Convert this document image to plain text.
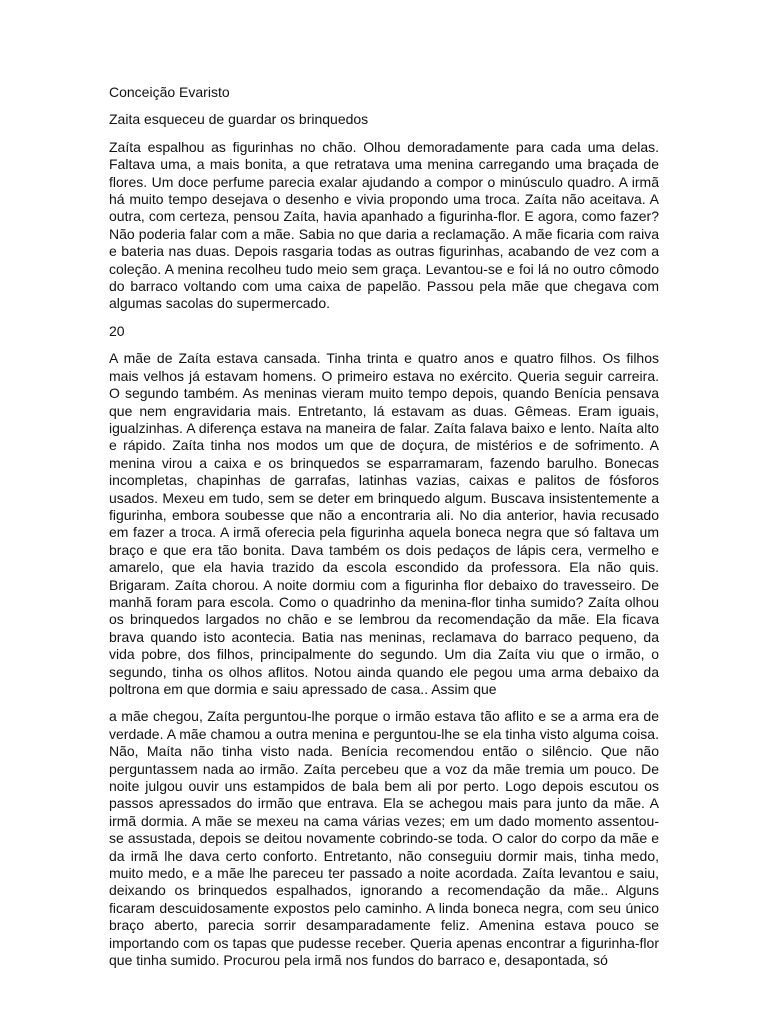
Conceição Evaristo

Zaita esqueceu de guardar os brinquedos

Zaíta espalhou as figurinhas no chão. Olhou demoradamente para cada uma delas. Faltava uma, a mais bonita, a que retratava uma menina carregando uma braçada de flores. Um doce perfume parecia exalar ajudando a compor o minúsculo quadro. A irmã há muito tempo desejava o desenho e vivia propondo uma troca. Zaíta não aceitava. A outra, com certeza, pensou Zaíta, havia apanhado a figurinha-flor. E agora, como fazer? Não poderia falar com a mãe. Sabia no que daria a reclamação. A mãe ficaria com raiva e bateria nas duas. Depois rasgaria todas as outras figurinhas, acabando de vez com a coleção. A menina recolheu tudo meio sem graça. Levantou-se e foi lá no outro cômodo do barraco voltando com uma caixa de papelão. Passou pela mãe que chegava com algumas sacolas do supermercado.

20

A mãe de Zaíta estava cansada. Tinha trinta e quatro anos e quatro filhos. Os filhos mais velhos já estavam homens. O primeiro estava no exército. Queria seguir carreira. O segundo também. As meninas vieram muito tempo depois, quando Benícia pensava que nem engravidaria mais. Entretanto, lá estavam as duas. Gêmeas. Eram iguais, igualzinhas. A diferença estava na maneira de falar. Zaíta falava baixo e lento. Naíta alto e rápido. Zaíta tinha nos modos um que de doçura, de mistérios e de sofrimento. A menina virou a caixa e os brinquedos se esparramaram, fazendo barulho. Bonecas incompletas, chapinhas de garrafas, latinhas vazias, caixas e palitos de fósforos usados. Mexeu em tudo, sem se deter em brinquedo algum. Buscava insistentemente a figurinha, embora soubesse que não a encontraria ali. No dia anterior, havia recusado em fazer a troca. A irmã oferecia pela figurinha aquela boneca negra que só faltava um braço e que era tão bonita. Dava também os dois pedaços de lápis cera, vermelho e amarelo, que ela havia trazido da escola escondido da professora. Ela não quis. Brigaram. Zaíta chorou. A noite dormiu com a figurinha flor debaixo do travesseiro. De manhã foram para escola. Como o quadrinho da menina-flor tinha sumido? Zaíta olhou os brinquedos largados no chão e se lembrou da recomendação da mãe. Ela ficava brava quando isto acontecia. Batia nas meninas, reclamava do barraco pequeno, da vida pobre, dos filhos, principalmente do segundo. Um dia Zaíta viu que o irmão, o segundo, tinha os olhos aflitos. Notou ainda quando ele pegou uma arma debaixo da poltrona em que dormia e saiu apressado de casa.. Assim que

a mãe chegou, Zaíta perguntou-lhe porque o irmão estava tão aflito e se a arma era de verdade. A mãe chamou a outra menina e perguntou-lhe se ela tinha visto alguma coisa. Não, Maíta não tinha visto nada. Benícia recomendou então o silêncio. Que não perguntassem nada ao irmão. Zaíta percebeu que a voz da mãe tremia um pouco. De noite julgou ouvir uns estampidos de bala bem ali por perto. Logo depois escutou os passos apressados do irmão que entrava. Ela se achegou mais para junto da mãe. A irmã dormia. A mãe se mexeu na cama várias vezes; em um dado momento assentou-se assustada, depois se deitou novamente cobrindo-se toda. O calor do corpo da mãe e da irmã lhe dava certo conforto. Entretanto, não conseguiu dormir mais, tinha medo, muito medo, e a mãe lhe pareceu ter passado a noite acordada. Zaíta levantou e saiu, deixando os brinquedos espalhados, ignorando a recomendação da mãe.. Alguns ficaram descuidosamente expostos pelo caminho. A linda boneca negra, com seu único braço aberto, parecia sorrir desamparadamente feliz. Amenina estava pouco se importando com os tapas que pudesse receber. Queria apenas encontrar a figurinha-flor que tinha sumido. Procurou pela irmã nos fundos do barraco e, desapontada, só
